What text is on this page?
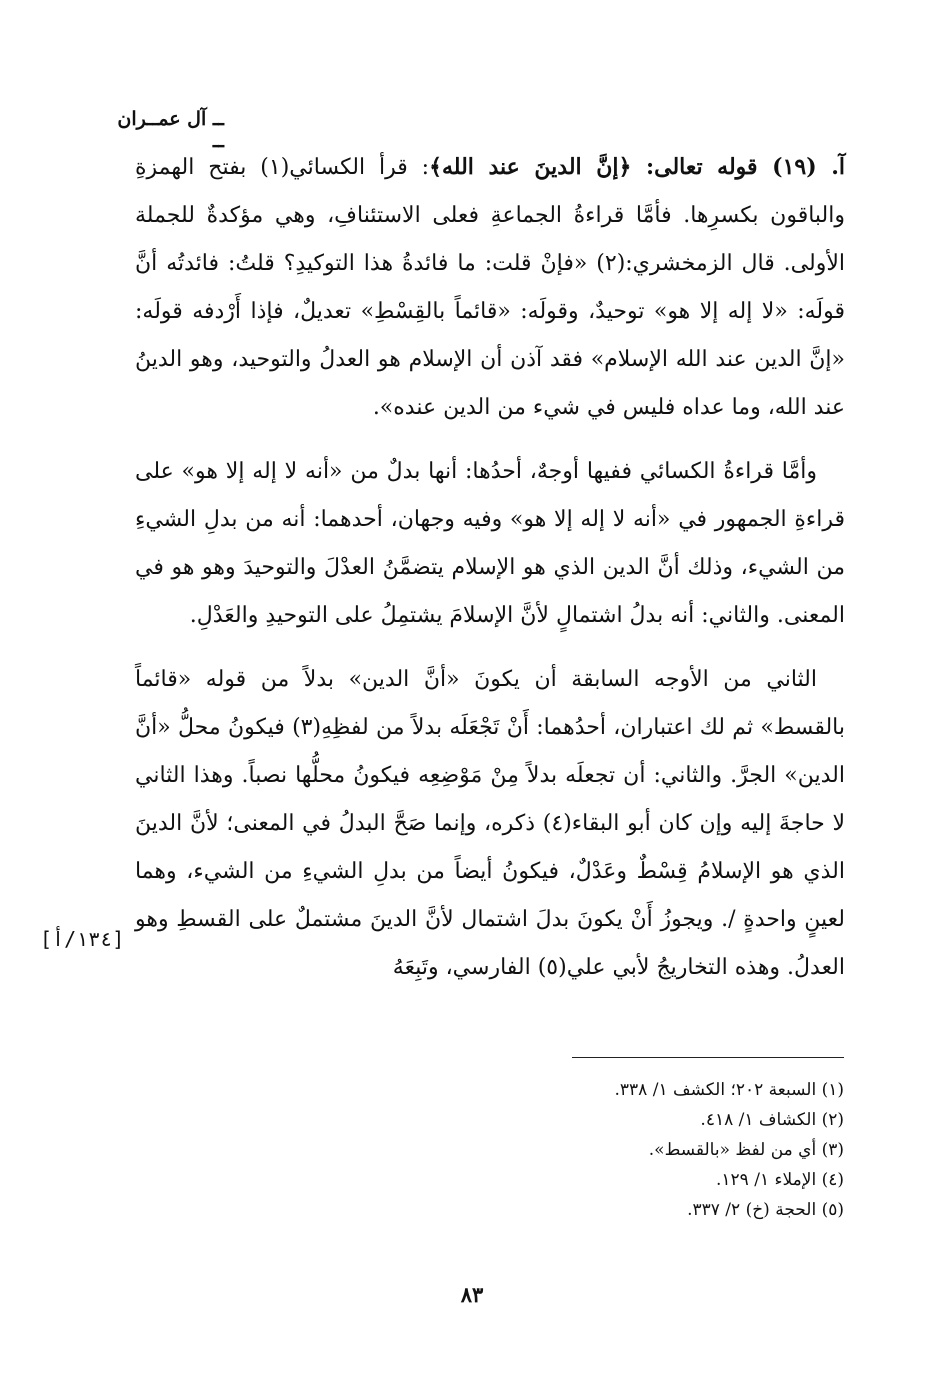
ــ آل عمــران ــ

آ. (١٩) قوله تعالى: ﴿إنَّ الدينَ عند الله﴾: قرأ الكسائي(١) بفتح الهمزةِ والباقون بكسرِها. فأمَّا قراءةُ الجماعةِ فعلى الاستئنافِ، وهي مؤكدةٌ للجملة الأولى. قال الزمخشري:(٢) «فإنْ قلت: ما فائدةُ هذا التوكيدِ؟ قلتُ: فائدتُه أنَّ قولَه: «لا إله إلا هو» توحيدٌ، وقولَه: «قائماً بالقِسْطِ» تعديلٌ، فإذا أَرْدفه قولَه: «إنَّ الدين عند الله الإسلام» فقد آذن أن الإسلام هو العدلُ والتوحيد، وهو الدينُ عند الله، وما عداه فليس في شيء من الدين عنده».

وأمَّا قراءةُ الكسائي ففيها أوجهٌ، أحدُها: أنها بدلٌ من «أنه لا إله إلا هو» على قراءةِ الجمهور في «أنه لا إله إلا هو» وفيه وجهان، أحدهما: أنه من بدلِ الشيءِ من الشيء، وذلك أنَّ الدين الذي هو الإسلام يتضمَّنُ العدْلَ والتوحيدَ وهو هو في المعنى. والثاني: أنه بدلُ اشتمالٍ لأنَّ الإسلامَ يشتمِلُ على التوحيدِ والعَدْلِ.

الثاني من الأوجه السابقة أن يكونَ «أنَّ الدين» بدلاً من قوله «قائماً بالقسط» ثم لك اعتباران، أحدُهما: أَنْ تَجْعَلَه بدلاً من لفظِهِ(٣) فيكونُ محلُّ «أنَّ الدين» الجرَّ. والثاني: أن تجعلَه بدلاً مِنْ مَوْضِعِه فيكونُ محلُّها نصباً. وهذا الثاني لا حاجةَ إليه وإن كان أبو البقاء(٤) ذكره، وإنما صَحَّ البدلُ في المعنى؛ لأنَّ الدينَ الذي هو الإسلامُ قِسْطٌ وعَدْلٌ، فيكونُ أيضاً من بدلِ الشيءِ من الشيء، وهما لعينٍ واحدةٍ /. ويجوزُ أَنْ يكونَ بدلَ اشتمال لأنَّ الدينَ مشتملٌ على القسطِ وهو العدلُ. وهذه التخاريجُ لأبي علي(٥) الفارسي، وتَبِعَهُ

[١٣٤/أ]
(١) السبعة ٢٠٢؛ الكشف ١/ ٣٣٨.
(٢) الكشاف ١/ ٤١٨.
(٣) أي من لفظ «بالقسط».
(٤) الإملاء ١/ ١٢٩.
(٥) الحجة (خ) ٢/ ٣٣٧.
٨٣
